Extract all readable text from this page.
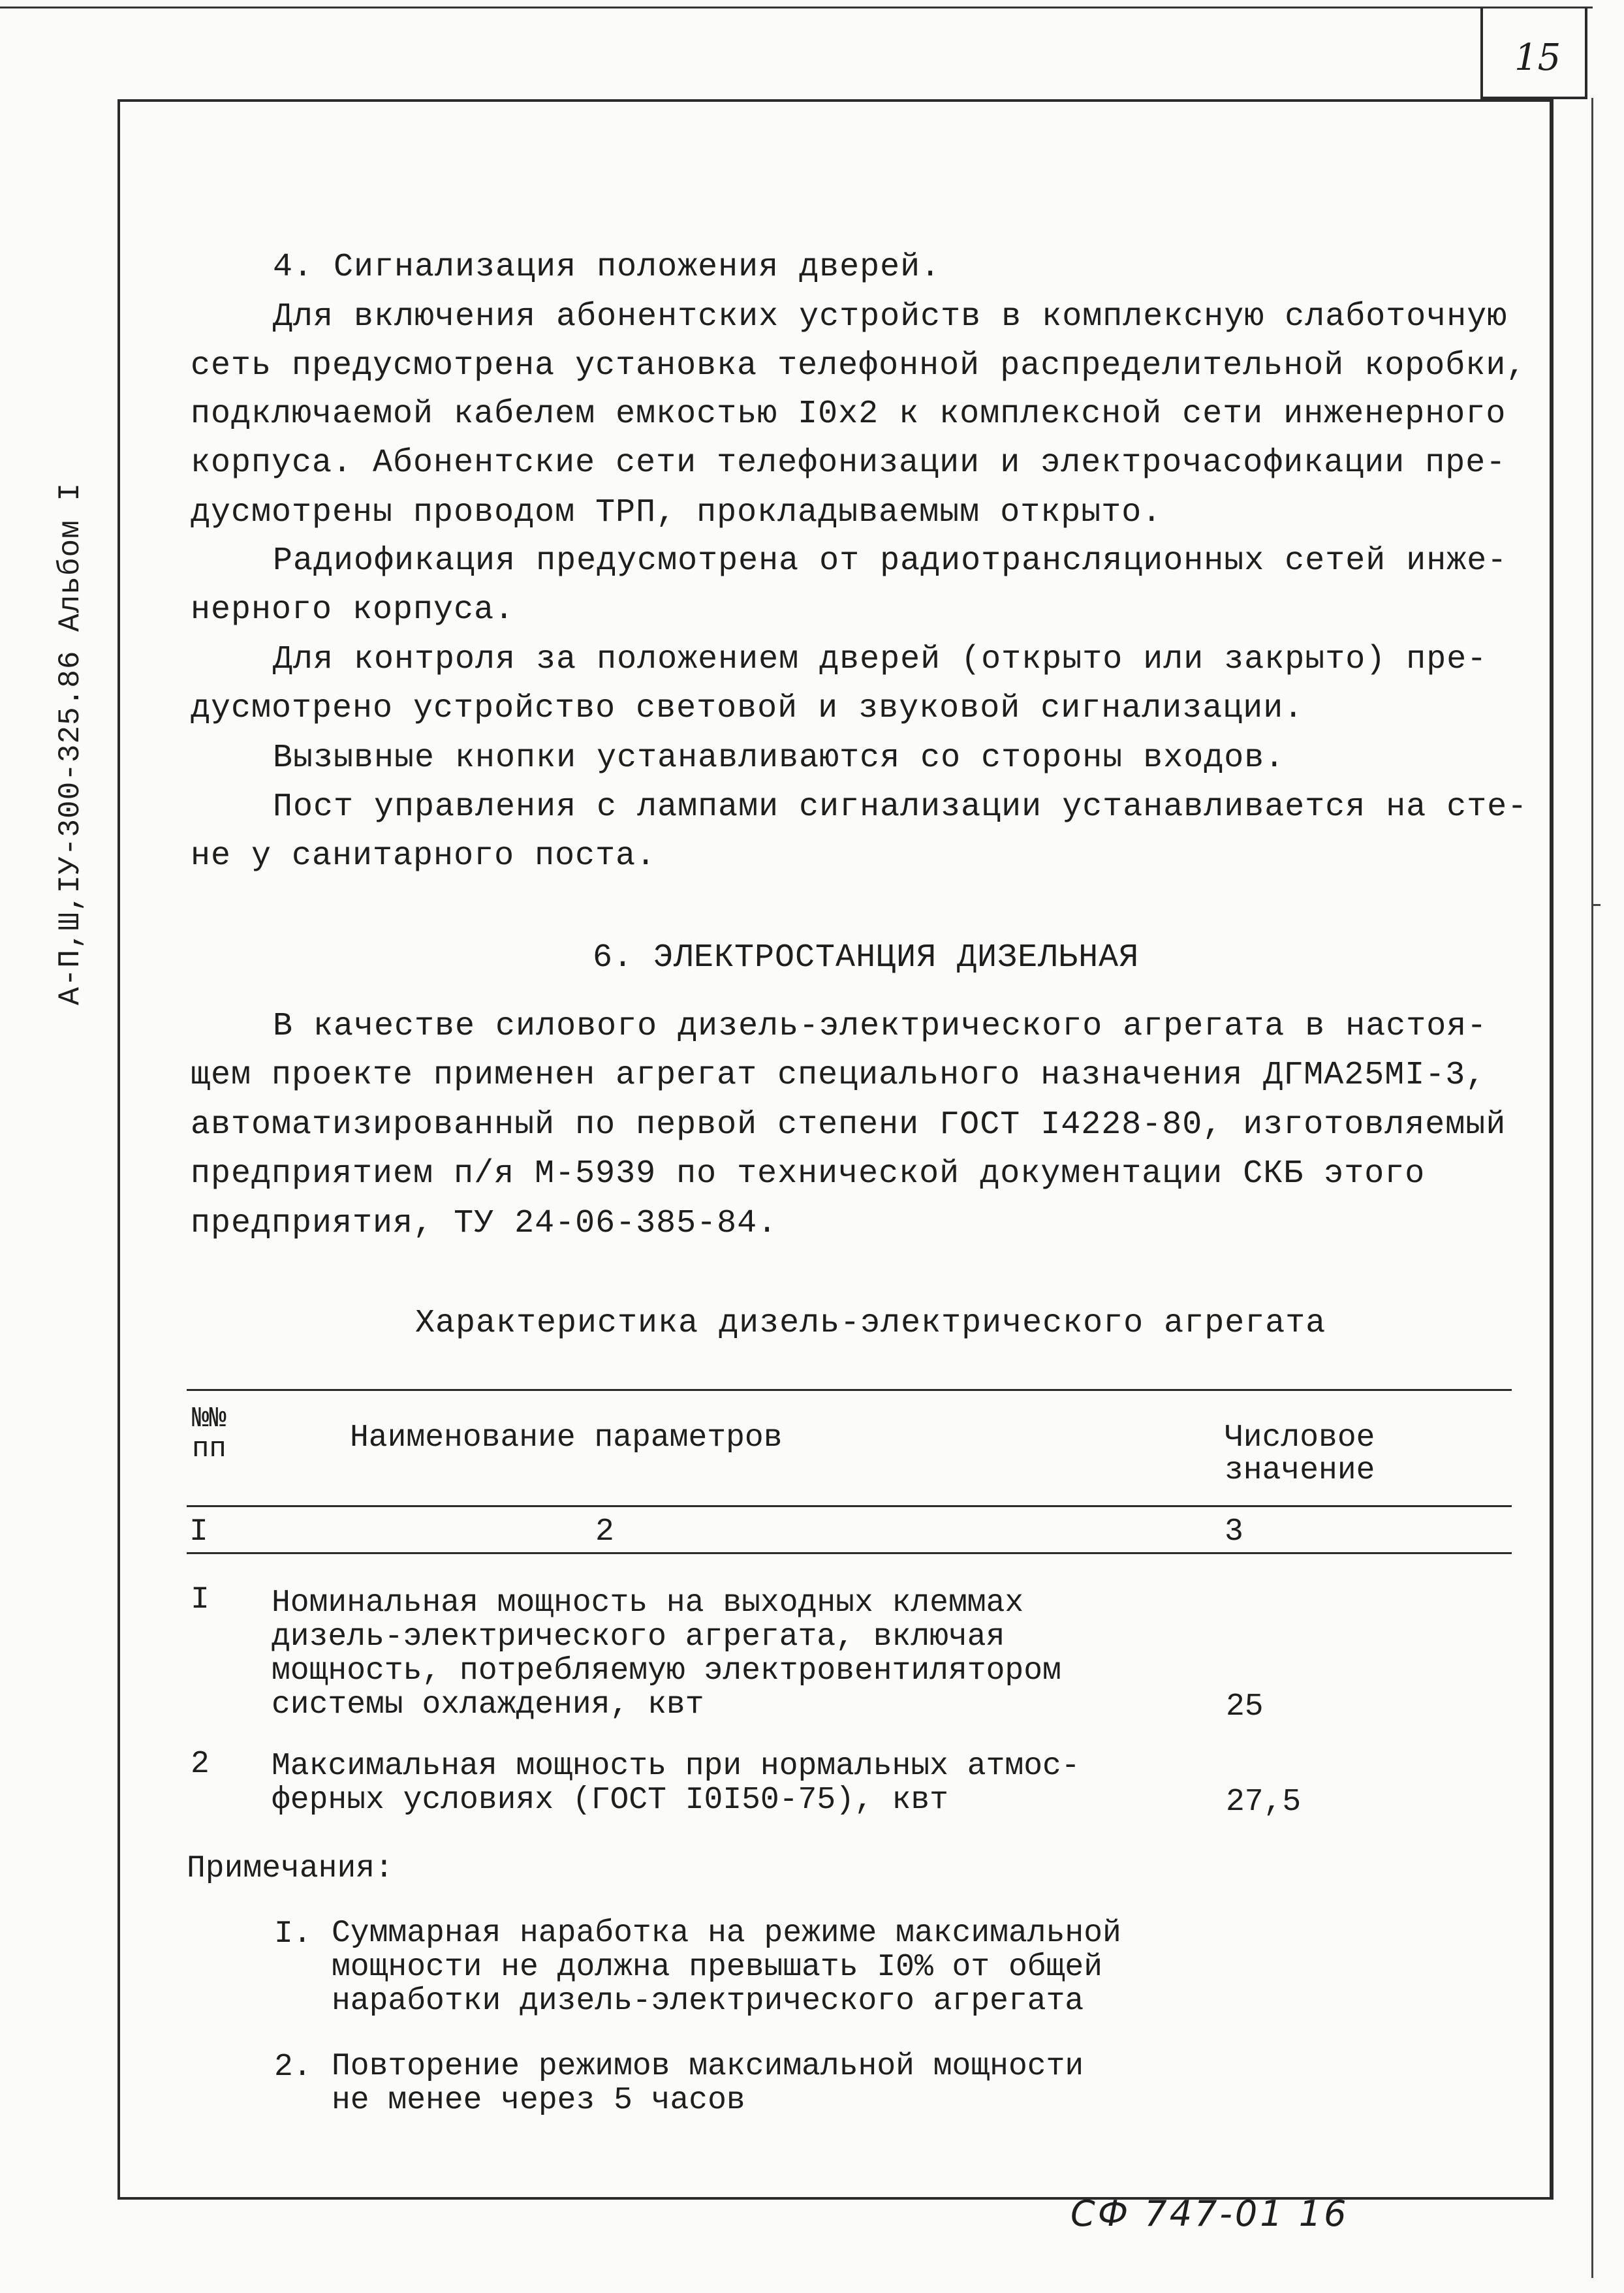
15
А-П,Ш,IУ-300-325.86 Альбом I
4. Сигнализация положения дверей.
Для включения абонентских устройств в комплексную слаботочную
сеть предусмотрена установка телефонной распределительной коробки,
подключаемой кабелем емкостью I0х2 к комплексной сети инженерного
корпуса. Абонентские сети телефонизации и электрочасофикации пре-
дусмотрены проводом ТРП, прокладываемым открыто.
Радиофикация предусмотрена от радиотрансляционных сетей инже-
нерного корпуса.
Для контроля за положением дверей (открыто или закрыто) пре-
дусмотрено устройство световой и звуковой сигнализации.
Вызывные кнопки устанавливаются со стороны входов.
Пост управления с лампами сигнализации устанавливается на сте-
не у санитарного поста.
6. ЭЛЕКТРОСТАНЦИЯ ДИЗЕЛЬНАЯ
В качестве силового дизель-электрического агрегата в настоя-
щем проекте применен агрегат специального назначения ДГМА25МI-3,
автоматизированный по первой степени ГОСТ I4228-80, изготовляемый
предприятием п/я М-5939 по технической документации СКБ этого
предприятия, ТУ 24-06-385-84.
Характеристика дизель-электрического агрегата
№№
пп	Наименование параметров	Числовое
значение
I	2	3
I Номинальная мощность на выходных клеммах
дизель-электрического агрегата, включая
мощность, потребляемую электровентилятором
системы охлаждения, квт	25
2 Максимальная мощность при нормальных атмос-
ферных условиях (ГОСТ I0I50-75), квт	27,5
Примечания:
I. Суммарная наработка на режиме максимальной
мощности не должна превышать I0% от общей
наработки дизель-электрического агрегата
2. Повторение режимов максимальной мощности
не менее через 5 часов
СФ 747-01 16
